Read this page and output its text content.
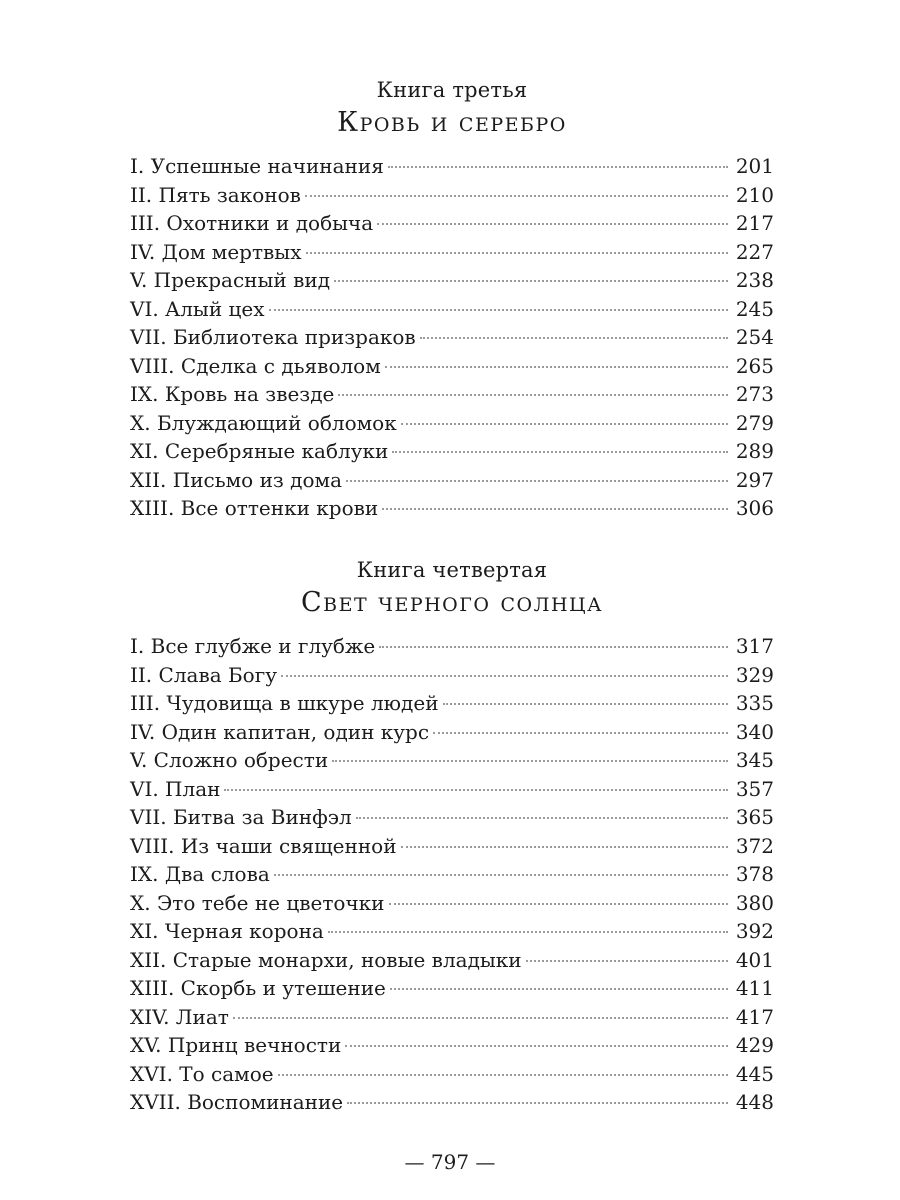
Книга третья
Кровь и серебро
I. Успешные начинания	201
II. Пять законов	210
III. Охотники и добыча	217
IV. Дом мертвых	227
V. Прекрасный вид	238
VI. Алый цех	245
VII. Библиотека призраков	254
VIII. Сделка с дьяволом	265
IX. Кровь на звезде	273
X. Блуждающий обломок	279
XI. Серебряные каблуки	289
XII. Письмо из дома	297
XIII. Все оттенки крови	306
Книга четвертая
Свет черного солнца
I. Все глубже и глубже	317
II. Слава Богу	329
III. Чудовища в шкуре людей	335
IV. Один капитан, один курс	340
V. Сложно обрести	345
VI. План	357
VII. Битва за Винфэл	365
VIII. Из чаши священной	372
IX. Два слова	378
X. Это тебе не цветочки	380
XI. Черная корона	392
XII. Старые монархи, новые владыки	401
XIII. Скорбь и утешение	411
XIV. Лиат	417
XV. Принц вечности	429
XVI. То самое	445
XVII. Воспоминание	448
— 797 —
